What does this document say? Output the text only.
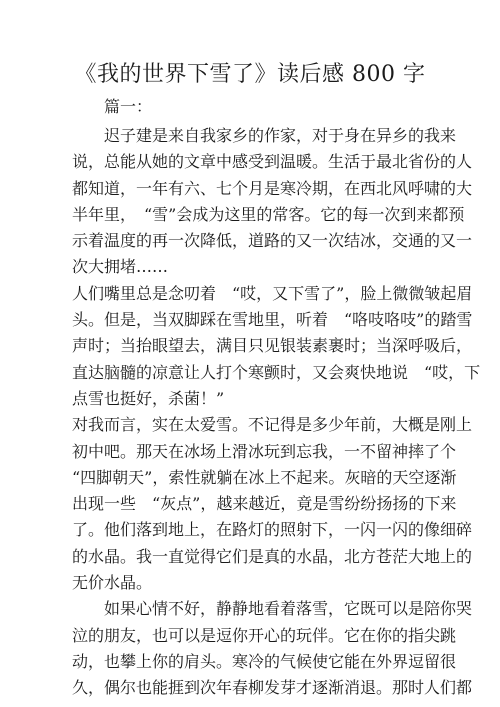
《我的世界下雪了》读后感 800 字
篇一：
　　迟子建是来自我家乡的作家，对于身在异乡的我来
说，总能从她的文章中感受到温暖。生活于最北省份的人
都知道，一年有六、七个月是寒冷期，在西北风呼啸的大
半年里，　“雪”会成为这里的常客。它的每一次到来都预
示着温度的再一次降低，道路的又一次结冰，交通的又一
次大拥堵……
人们嘴里总是念叨着　“哎，又下雪了”，脸上微微皱起眉
头。但是，当双脚踩在雪地里，听着　“咯吱咯吱”的踏雪
声时；当抬眼望去，满目只见银装素裹时；当深呼吸后，
直达脑髓的凉意让人打个寒颤时，又会爽快地说　“哎，下
点雪也挺好，杀菌！”
对我而言，实在太爱雪。不记得是多少年前，大概是刚上
初中吧。那天在冰场上滑冰玩到忘我，一不留神摔了个
“四脚朝天”，索性就躺在冰上不起来。灰暗的天空逐渐
出现一些　“灰点”，越来越近，竟是雪纷纷扬扬的下来
了。他们落到地上，在路灯的照射下，一闪一闪的像细碎
的水晶。我一直觉得它们是真的水晶，北方苍茫大地上的
无价水晶。
　　如果心情不好，静静地看着落雪，它既可以是陪你哭
泣的朋友，也可以是逗你开心的玩伴。它在你的指尖跳
动，也攀上你的肩头。寒冷的气候使它能在外界逗留很
久，偶尔也能捱到次年春柳发芽才逐渐消退。那时人们都
